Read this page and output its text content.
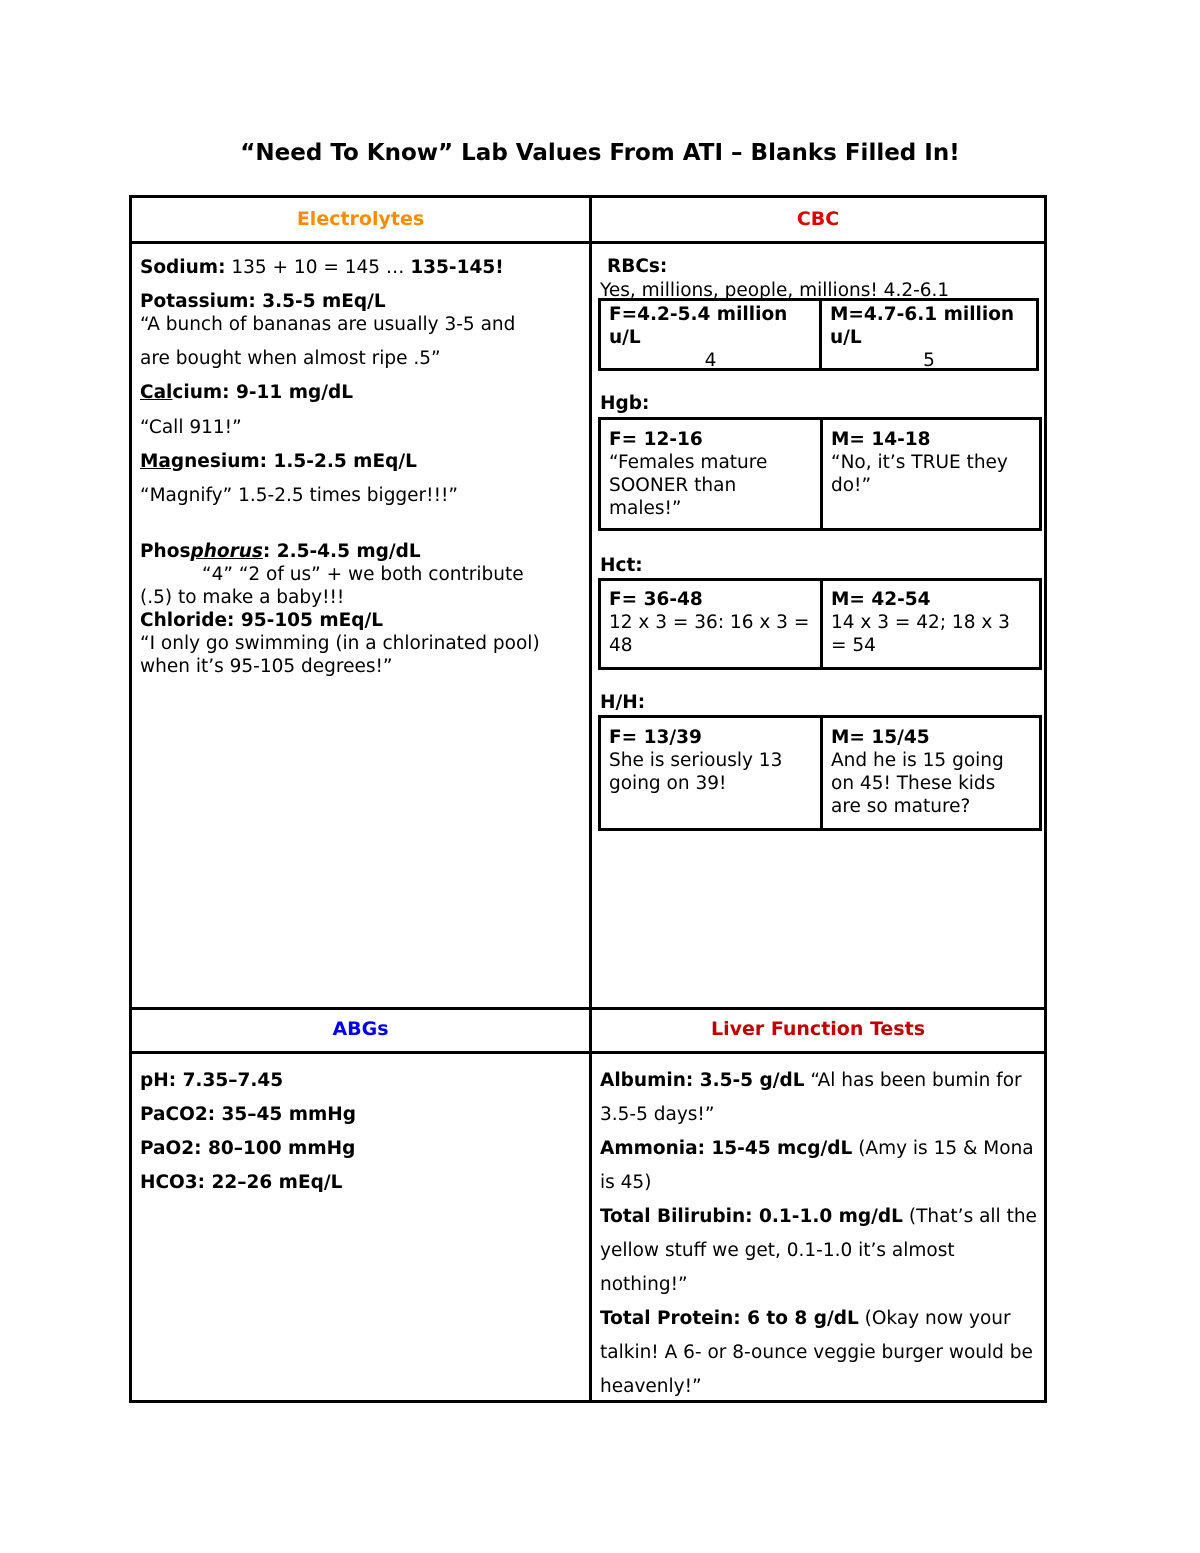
“Need To Know” Lab Values From ATI – Blanks Filled In!
Electrolytes	CBC
ABGs	Liver Function Tests
Sodium: 135 + 10 = 145 … 135-145!
Potassium: 3.5-5 mEq/L
“A bunch of bananas are usually 3-5 and
are bought when almost ripe .5”
Calcium: 9-11 mg/dL
“Call 911!”
Magnesium: 1.5-2.5 mEq/L
“Magnify” 1.5-2.5 times bigger!!!”
Phosphorus: 2.5-4.5 mg/dL
“4” “2 of us” + we both contribute
(.5) to make a baby!!!
Chloride: 95-105 mEq/L
“I only go swimming (in a chlorinated pool)
when it’s 95-105 degrees!”
RBCs:
Yes, millions, people, millions! 4.2-6.1
F=4.2-5.4 million
u/L
4
M=4.7-6.1 million
u/L
5
Hgb:
F= 12-16
“Females mature SOONER than males!”
M= 14-18
“No, it’s TRUE they do!”
Hct:
F= 36-48
12 x 3 = 36: 16 x 3 = 48
M= 42-54
14 x 3 = 42; 18 x 3 = 54
H/H:
F= 13/39
She is seriously 13 going on 39!
M= 15/45
And he is 15 going on 45! These kids are so mature?
pH: 7.35–7.45
PaCO2: 35–45 mmHg
PaO2: 80–100 mmHg
HCO3: 22–26 mEq/L
Albumin: 3.5-5 g/dL “Al has been bumin for 3.5-5 days!”
Ammonia: 15-45 mcg/dL (Amy is 15 & Mona is 45)
Total Bilirubin: 0.1-1.0 mg/dL (That’s all the yellow stuff we get, 0.1-1.0 it’s almost nothing!”
Total Protein: 6 to 8 g/dL (Okay now your talkin! A 6- or 8-ounce veggie burger would be heavenly!”
